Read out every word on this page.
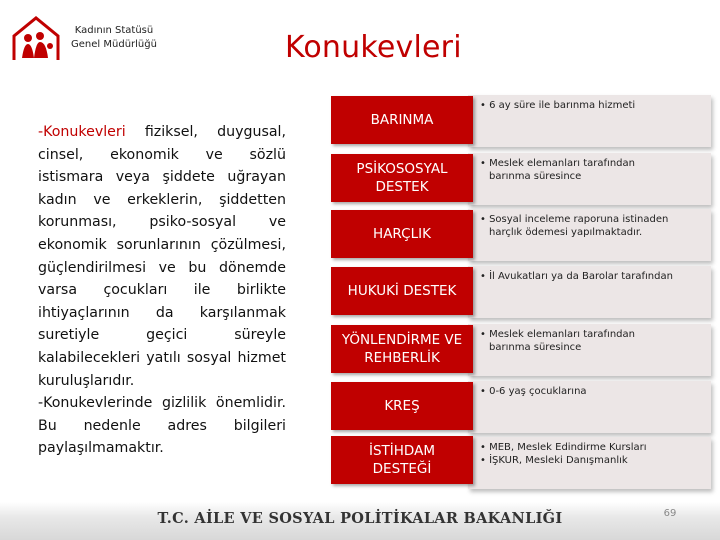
Kadının Statüsü
Genel Müdürlüğü	Konukevleri
-Konukevleri fiziksel, duygusal, cinsel, ekonomik ve sözlü istismara veya şiddete uğrayan kadın ve erkeklerin, şiddetten korunması, psiko-sosyal ve ekonomik sorunlarının çözülmesi, güçlendirilmesi ve bu dönemde varsa çocukları ile birlikte ihtiyaçlarının da karşılanmak suretiyle geçici süreyle kalabilecekleri yatılı sosyal hizmet kuruluşlarıdır.
-Konukevlerinde gizlilik önemlidir. Bu nedenle adres bilgileri paylaşılmamaktır.
• 6 ay süre ile barınma hizmeti
BARINMA
• Meslek elemanları tarafından
barınma süresince
PSİKOSOSYAL DESTEK
• Sosyal inceleme raporuna istinaden
harçlık ödemesi yapılmaktadır.
HARÇLIK
• İl Avukatları ya da Barolar tarafından
HUKUKİ DESTEK
• Meslek elemanları tarafından
barınma süresince
YÖNLENDİRME VE REHBERLİK
• 0-6 yaş çocuklarına
KREŞ
• MEB, Meslek Edindirme Kursları
• İŞKUR, Mesleki Danışmanlık
İSTİHDAM DESTEĞİ
T.C. AİLE VE SOSYAL POLİTİKALAR BAKANLIĞI	69
